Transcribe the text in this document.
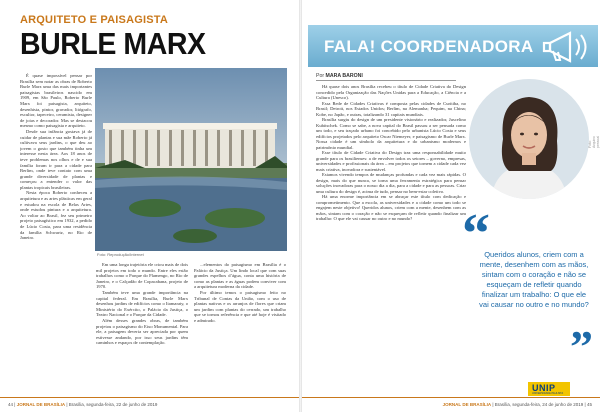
ARQUITETO E PAISAGISTA
BURLE MARX

É quase impossível pensar por Brasília sem notar as obras de Roberto Burle Marx uma das mais importantes paisagistas brasileiros nascido em 1909, em São Paulo, Roberto Burle Marx foi paisagista, arquiteto, desenhista, pintor, gravador, litógrafo, escultor, tapeceiro, ceramista, designer de joias e decorador. Mas se destacou mesmo como paisagista e arquiteto.

Desde sua infância gostava já de cuidar de plantas e sua mãe Roberto já cultivava seus jardins, o que deu ao jovem o gosto que também tinha um interesse nesta área. Aos 18 anos de teve problemas nos olhos e de e sua família foram ir para a cidade para Berlim, onde teve contato com uma grande diversidade de plantas e começou a entender o valor das plantas tropicais brasileiras.

Nesta época Roberto conheceu a arquitetura e as artes plásticas em geral e estudou na escola de Belas Artes, onde estudou pintura e a arquitetura. Ao voltar ao Brasil, fez seu primeiro projeto paisagístico em 1932, a pedido de Lúcio Costa, para uma residência da família Schwartz, no Rio de Janeiro.

Foto: Reprodução/Internet

Em uma longa trajetória ele criou mais de dois mil projetos em todo o mundo. Entre eles estão trabalhos como o Parque do Flamengo, no Rio de Janeiro, e o Calçadão de Copacabana, projeto de 1970.

Também teve uma grande importância na capital federal. Em Brasília, Burle Marx desenhou jardins de edifícios como o Itamaraty, o Ministério do Exército, o Palácio da Justiça, o Teatro Nacional e o Parque da Cidade.

Além desses grandes obras, de também projetou o paisagismo do Eixo Monumental. Para ele, a paisagem deveria ser apreciada por quem estivesse andando, por isso seus jardins têm caminhos e espaços de contemplação.

...elementos do paisagismo em Brasília é o Palácio da Justiça. Um lindo local que com suas grandes espelhos d’água, conta uma história de como as plantas e as águas podem conviver com a arquitetura moderna da cidade.

Por último temos o paisagismo feito no Tribunal de Contas da União, com o uso de plantas nativas e os arranjos de flores que criam um jardim com plantas do cerrado, um trabalho que se tornou referência e que até hoje é visitado e admirado.

44 | JORNAL DE BRASÍLIA | Brasília, segunda-feira, 22 de junho de 2019
FALA! COORDENADORA
Por MARA BARONI

Há quase dois anos Brasília recebeu o título de Cidade Criativa do Design concedido pela Organização das Nações Unidas para a Educação, a Ciência e a Cultura (Unesco).

Essa Rede de Cidades Criativas é composta pelas cidades de Curitiba, no Brasil; Detroit, nos Estados Unidos; Berlim, na Alemanha; Pequim, na China; Kobe, no Japão, e outras, totalizando 31 capitais mundiais.

Brasília surgiu do design de um presidente visionário e realizador, Juscelino Kubitschek. Como se sabe, a nova capital do Brasil passou a ser pensada como um todo, e seu traçado urbano foi concebido pelo urbanista Lúcio Costa e seus edifícios projetados pelo arquiteto Oscar Niemeyer, e paisagismo de Burle Marx. Nossa cidade é um símbolo da arquitetura e do urbanismo modernos e patrimônio mundial.

Esse título de Cidade Criativa do Design traz uma responsabilidade muito grande para os brasilienses: a de envolver todos os setores – governo, empresas, universidades e profissionais da área – em projetos que tornem a cidade cada vez mais criativa, inovadora e sustentável.

Estamos vivendo tempos de mudanças profundas e cada vez mais rápidas. O design, mais do que nunca, se torna uma ferramenta estratégica para pensar soluções inovadoras para o nosso dia a dia, para a cidade e para as pessoas. Criar uma cultura do design é, acima de tudo, pensar no bem-estar coletivo.

Há uma enorme importância em se abraçar este título com dedicação e comprometimento. Que a escola, as universidades e a cidade como um todo se engajem neste objetivo! Queridos alunos, criem com a mente, desenhem com as mãos, sintam com o coração e não se esqueçam de refletir quando finalizar um trabalho: O que ele vai causar no outro e no mundo?

Foto: Arquivo pessoal
“
Queridos alunos, criem com a mente, desenhem com as mãos, sintam com o coração e não se esqueçam de refletir quando finalizar um trabalho: O que ele vai causar no outro e no mundo?
”
UNIP
UNIVERSIDADE PAULISTA
JORNAL DE BRASÍLIA | Brasília, segunda-feira, 24 de junho de 2019 | 45
